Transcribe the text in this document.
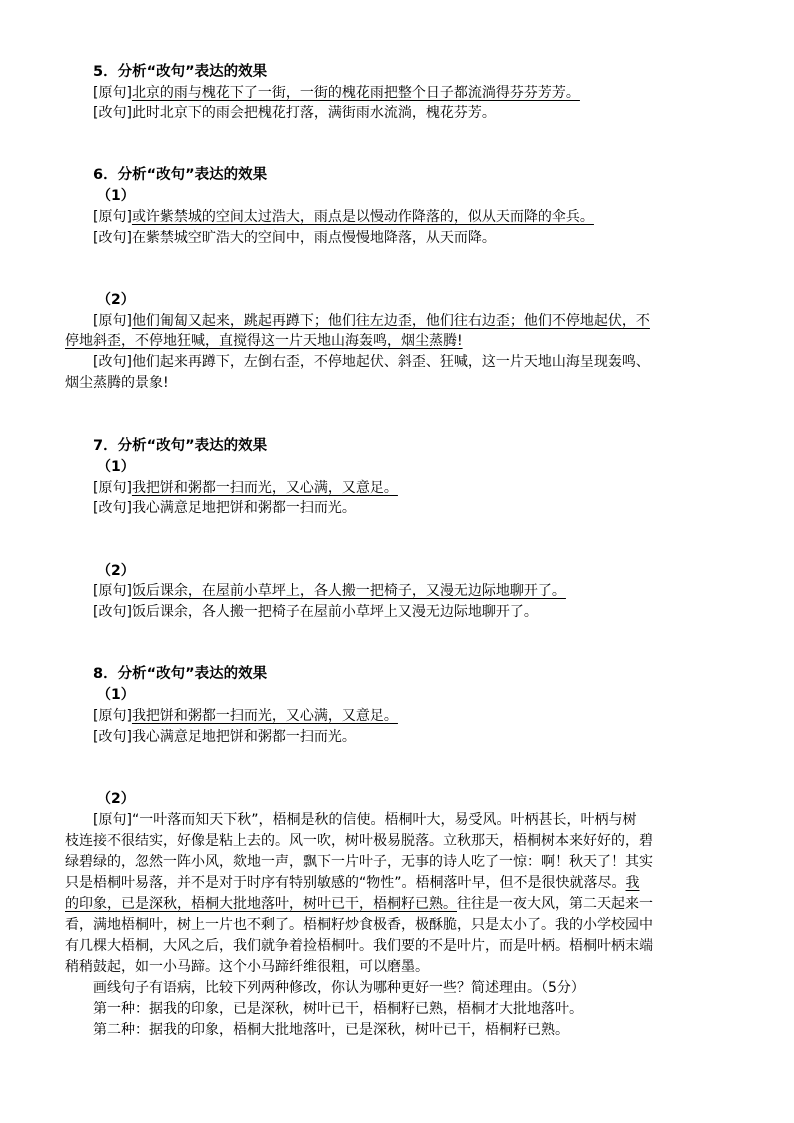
5．分析“改句”表达的效果
[原句]北京的雨与槐花下了一街，一街的槐花雨把整个日子都流淌得芬芬芳芳。
[改句]此时北京下的雨会把槐花打落，满街雨水流淌，槐花芬芳。
6．分析“改句”表达的效果
（1）
[原句]或许紫禁城的空间太过浩大，雨点是以慢动作降落的，似从天而降的伞兵。
[改句]在紫禁城空旷浩大的空间中，雨点慢慢地降落，从天而降。
（2）
[原句]他们匍匐又起来，跳起再蹲下；他们往左边歪，他们往右边歪；他们不停地起伏，不
停地斜歪，不停地狂喊，直搅得这一片天地山海轰鸣，烟尘蒸腾!
[改句]他们起来再蹲下，左倒右歪，不停地起伏、斜歪、狂喊，这一片天地山海呈现轰鸣、
烟尘蒸腾的景象!
7．分析“改句”表达的效果
（1）
[原句]我把饼和粥都一扫而光，又心满，又意足。
[改句]我心满意足地把饼和粥都一扫而光。
（2）
[原句]饭后课余，在屋前小草坪上，各人搬一把椅子，又漫无边际地聊开了。
[改句]饭后课余，各人搬一把椅子在屋前小草坪上又漫无边际地聊开了。
8．分析“改句”表达的效果
（1）
[原句]我把饼和粥都一扫而光，又心满，又意足。
[改句]我心满意足地把饼和粥都一扫而光。
（2）
[原句]“一叶落而知天下秋”，梧桐是秋的信使。梧桐叶大，易受风。叶柄甚长，叶柄与树
枝连接不很结实，好像是粘上去的。风一吹，树叶极易脱落。立秋那天，梧桐树本来好好的，碧
绿碧绿的，忽然一阵小风，欻地一声，飘下一片叶子，无事的诗人吃了一惊：啊！秋天了！其实
只是梧桐叶易落，并不是对于时序有特别敏感的“物性”。梧桐落叶早，但不是很快就落尽。我
的印象，已是深秋，梧桐大批地落叶，树叶已干，梧桐籽已熟。往往是一夜大风，第二天起来一
看，满地梧桐叶，树上一片也不剩了。梧桐籽炒食极香，极酥脆，只是太小了。我的小学校园中
有几棵大梧桐，大风之后，我们就争着捡梧桐叶。我们要的不是叶片，而是叶柄。梧桐叶柄末端
稍稍鼓起，如一小马蹄。这个小马蹄纤维很粗，可以磨墨。
画线句子有语病，比较下列两种修改，你认为哪种更好一些？简述理由。（5分）
第一种：据我的印象，已是深秋，树叶已干，梧桐籽已熟，梧桐才大批地落叶。
第二种：据我的印象，梧桐大批地落叶，已是深秋，树叶已干，梧桐籽已熟。
